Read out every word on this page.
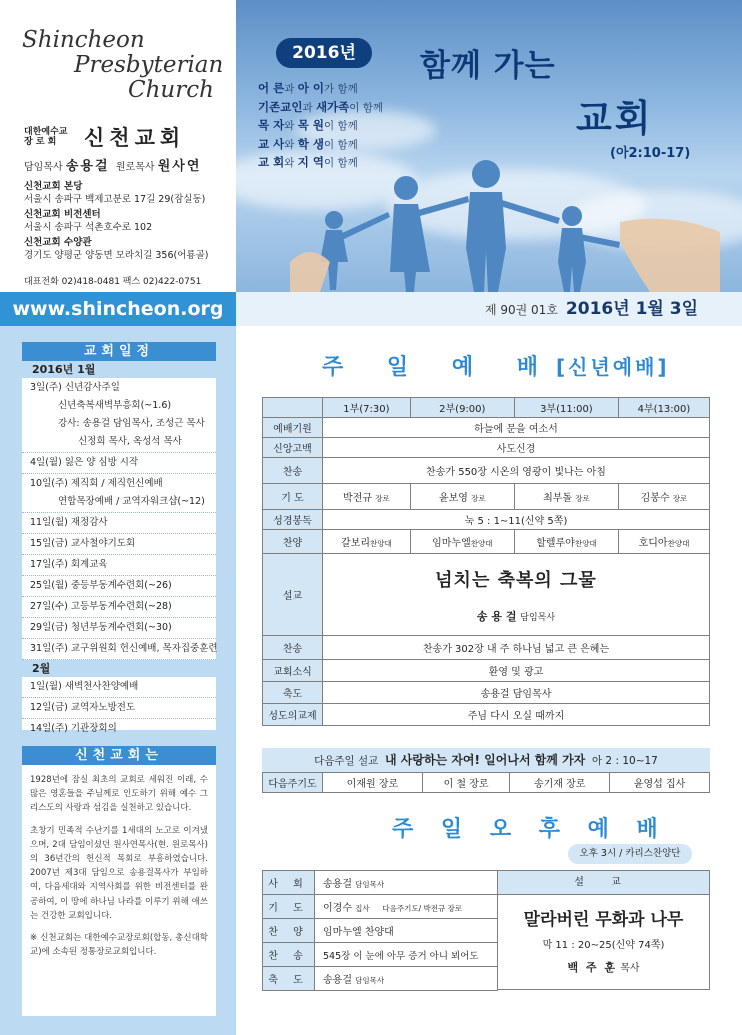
Shincheon
Presbyterian
Church
대한예수교
장 로 회 신천교회
담임목사 송용걸 원로목사 원사연
신천교회 본당
서울시 송파구 백제고분로 17길 29(잠실동)
신천교회 비전센터
서울시 송파구 석촌호수로 102
신천교회 수양관
경기도 양평군 양동면 모라치길 356(어룡골)
대표전화 02)418-0481 팩스 02)422-0751
2016년
어 른과 아 이가 함께
기존교인과 새가족이 함께
목 자와 목 원이 함께
교 사와 학 생이 함께
교 회와 지 역이 함께
함께 가는
교회
(아2:10-17)
www.shincheon.org	제 90권 01호 2016년 1월 3일
교회일정
2016년 1월
3일(주) 신년감사주일
신년축복새벽부흥회(~1.6)
강사: 송용걸 담임목사, 조성근 목사
신정희 목사, 옥성석 목사
4일(월) 잃은 양 심방 시작
10일(주) 제직회 / 제직헌신예배
연합목장예배 / 교역자워크샵(~12)
11일(월) 재정감사
15일(금) 교사철야기도회
17일(주) 회계교육
25일(월) 중등부동계수련회(~26)
27일(수) 고등부동계수련회(~28)
29일(금) 청년부동계수련회(~30)
31일(주) 교구위원회 헌신예배, 목자집중훈련
2월
1일(월) 새벽천사찬양예배
12일(금) 교역자노방전도
14일(주) 기관장회의
신천교회는

1928년에 잠실 최초의 교회로 세워진 이래, 수많은 영혼들을 주님께로 인도하기 위해 예수 그리스도의 사랑과 섬김을 실천하고 있습니다.

초창기 민족적 수난기를 1세대의 노고로 이겨냈으며, 2대 담임이셨던 원사연목사(현. 원로목사)의 36년간의 헌신적 목회로 부흥하였습니다. 2007년 제3대 담임으로 송용걸목사가 부임하여, 다음세대와 지역사회를 위한 비전센터를 완공하여, 이 땅에 하나님 나라를 이루기 위해 애쓰는 건강한 교회입니다.

※ 신천교회는 대한예수교장로회(합동, 총신대학교)에 소속된 정통장로교회입니다.

주 일 예 배[신년예배]
	1부(7:30)	2부(9:00)	3부(11:00)	4부(13:00)
예배기원	하늘에 문을 여소서			
신앙고백	사도신경			
찬송	찬송가 550장 시온의 영광이 빛나는 아침			
기 도	박전규 장로	윤보영 장로	최부돌 장로	김봉수 장로
성경봉독	눅 5 : 1∼11(신약 5쪽)			
찬양	갈보리찬양대	임마누엘찬양대	할렐루야찬양대	호디아찬양대
설교	넘치는 축복의 그물
송 용 걸 담임목사			

찬송	찬송가 302장 내 주 하나님 넓고 큰 은혜는			
교회소식	환영 및 광고			
축도	송용걸 담임목사			
성도의교제	주님 다시 오실 때까지			
다음주일 설교 내 사랑하는 자여! 일어나서 함께 가자 아 2 : 10∼17
다음주기도	이재원 장로	이 철 장로	송기재 장로	윤영섭 집사
주 일 오 후 예 배
오후 3시 / 카리스찬양단
사 회	송용걸 담임목사
기 도	이경수 집사 다음주기도/ 박전규 장로
찬 양	임마누엘 찬양대
찬 송	545장 이 눈에 아무 증거 아니 뵈어도
축 도	송용걸 담임목사
설 교
말라버린 무화과 나무
막 11 : 20∼25(신약 74쪽)
백 주 훈 목사
